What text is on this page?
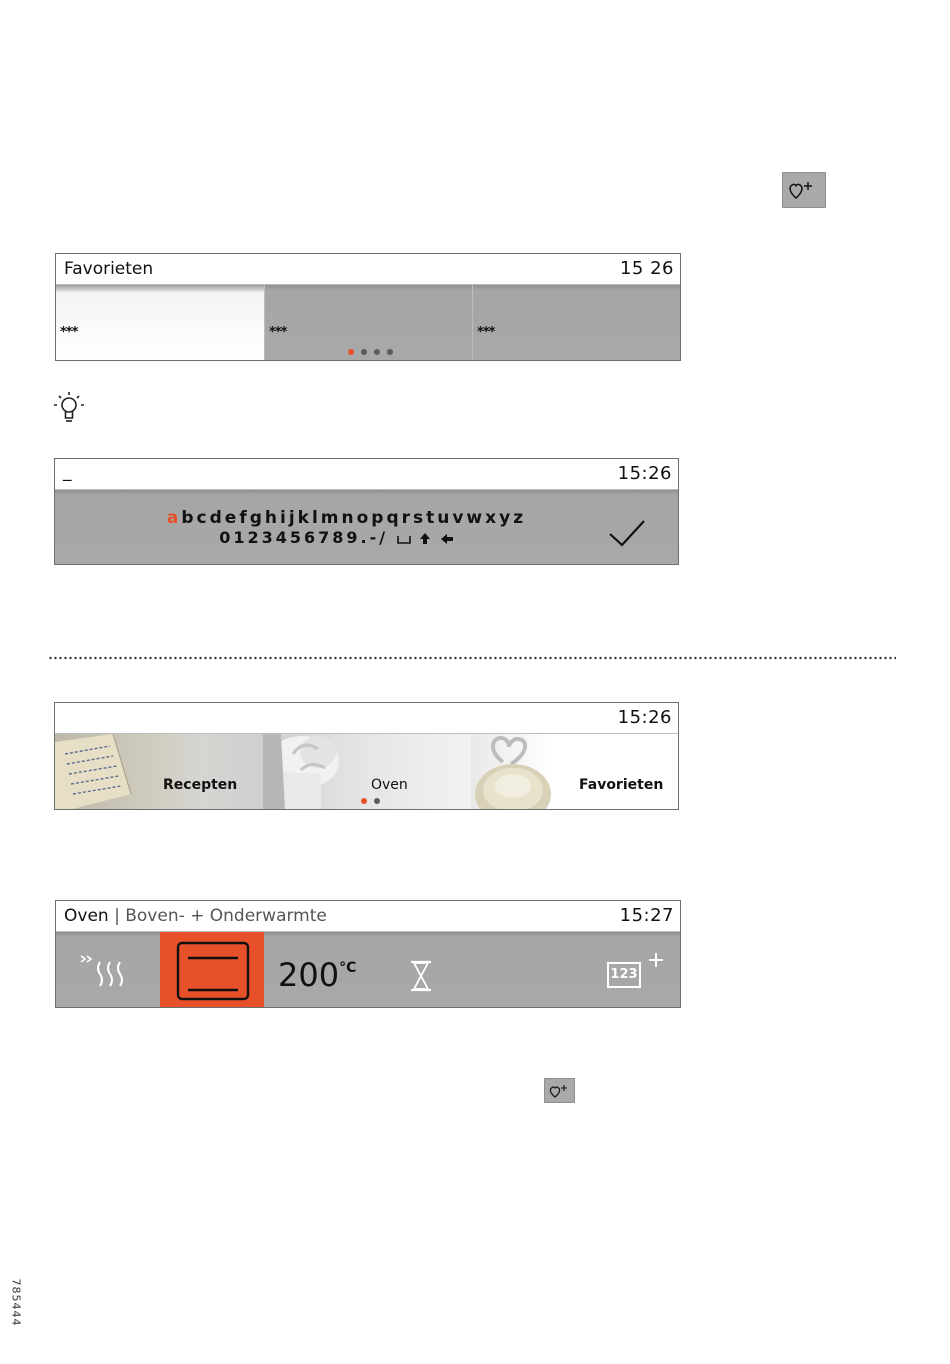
Favorieten	15 26
***	***	***
_	15:26
abcdefghijklmnopqrstuvwxyz
0123456789.-/
15:26
Recepten	Oven	Favorieten
Oven | Boven- + Onderwarmte	15:27
$200^{^\circ C}$	123
785444
